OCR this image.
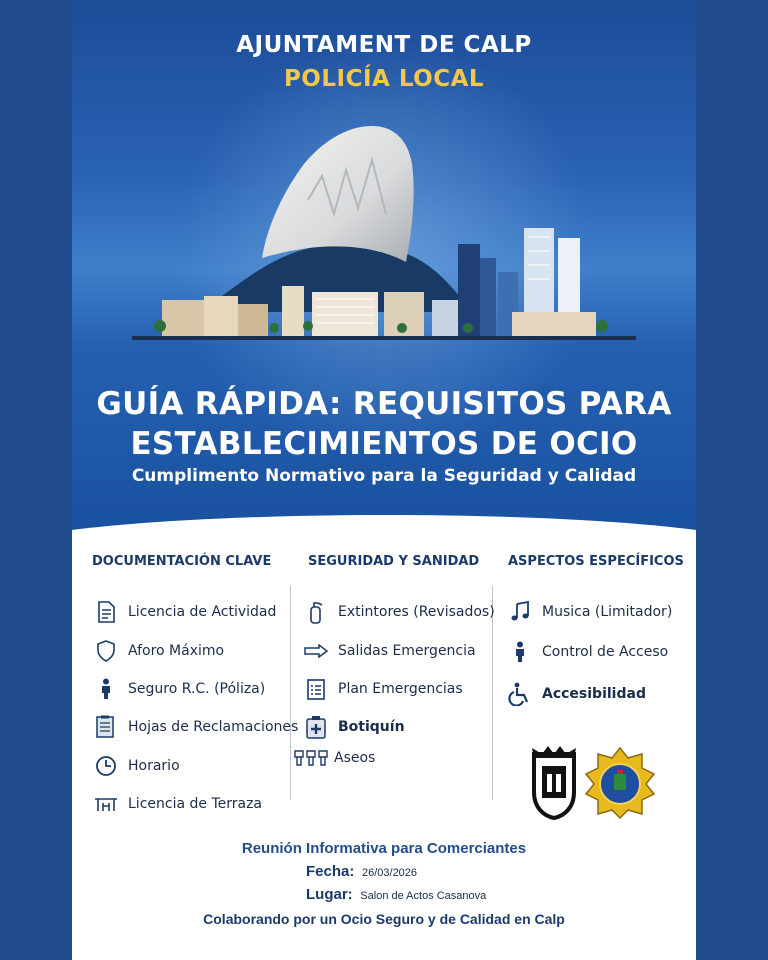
AJUNTAMENT DE CALP
POLICÍA LOCAL
GUÍA RÁPIDA: REQUISITOS PARA
ESTABLECIMIENTOS DE OCIO
Cumplimento Normativo para la Seguridad y Calidad
DOCUMENTACIÓN CLAVE	SEGURIDAD Y SANIDAD ASPECTOS ESPECÍFICOS
Licencia de Actividad
Aforo Máximo
Seguro R.C. (Póliza)
Hojas de Reclamaciones
Horario
Licencia de Terraza
Extintores (Revisados)
Salidas Emergencia
Plan Emergencias
Botiquín
Aseos
Musica (Limitador)
Control de Acceso
Accesibilidad
Reunión Informativa para Comerciantes
Fecha: 26/03/2026
Lugar: Salon de Actos Casanova
Colaborando por un Ocio Seguro y de Calidad en Calp
